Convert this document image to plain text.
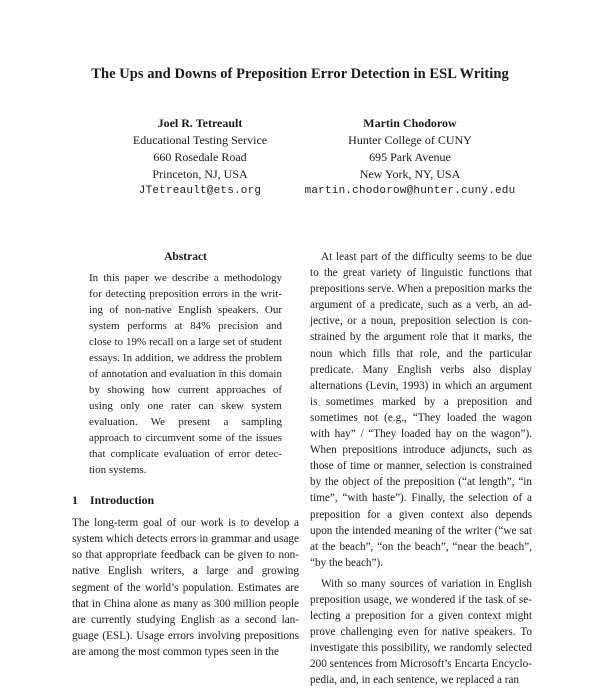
The Ups and Downs of Preposition Error Detection in ESL Writing
Joel R. Tetreault
Educational Testing Service
660 Rosedale Road
Princeton, NJ, USA
JTetreault@ets.org
Martin Chodorow
Hunter College of CUNY
695 Park Avenue
New York, NY, USA
martin.chodorow@hunter.cuny.edu
Abstract

In this paper we describe a methodology for detecting preposition errors in the writing of non-native English speakers. Our system performs at 84% precision and close to 19% recall on a large set of student essays. In addition, we address the problem of annotation and evaluation in this domain by showing how current approaches of using only one rater can skew system evaluation. We present a sampling approach to circumvent some of the issues that complicate evaluation of error detection systems.

1 Introduction

The long-term goal of our work is to develop a system which detects errors in grammar and usage so that appropriate feedback can be given to non-native English writers, a large and growing segment of the world’s population. Estimates are that in China alone as many as 300 million people are currently studying English as a second language (ESL). Usage errors involving prepositions are among the most common types seen in the

At least part of the difficulty seems to be due to the great variety of linguistic functions that prepositions serve. When a preposition marks the argument of a predicate, such as a verb, an adjective, or a noun, preposition selection is constrained by the argument role that it marks, the noun which fills that role, and the particular predicate. Many English verbs also display alternations (Levin, 1993) in which an argument is sometimes marked by a preposition and sometimes not (e.g., “They loaded the wagon with hay” / “They loaded hay on the wagon”). When prepositions introduce adjuncts, such as those of time or manner, selection is constrained by the object of the preposition (“at length”, “in time”, “with haste”). Finally, the selection of a preposition for a given context also depends upon the intended meaning of the writer (“we sat at the beach”, “on the beach”, “near the beach”, “by the beach”).

With so many sources of variation in English preposition usage, we wondered if the task of selecting a preposition for a given context might prove challenging even for native speakers. To investigate this possibility, we randomly selected 200 sentences from Microsoft’s Encarta Encyclopedia, and, in each sentence, we replaced a ran
